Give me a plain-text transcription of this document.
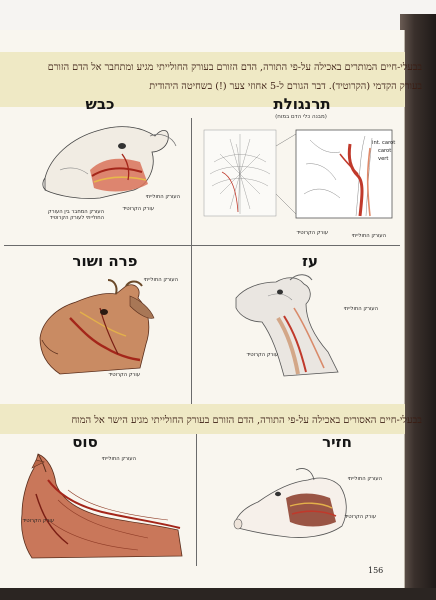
בבעלי-חיים המותרים באכילה על-פי התורה, הדם הזורם בעורק החולייתי מגיע ומתחבר אל הדם הזורם בעורק הקדמי (הקרוטיד). דבר הגורם ל-5 אחוזי צער (!) בשחיטה היהודית
כבש
העורק החולייתי
עורק הקרוטיד
העורק המחבר בין העורק החולייתי לעורק הקרוטיד
תרנגולת
(מבנה כלי הדם במוח)
int. carot
carot
vert
עורק הקרוטיד	העורק החולייתי
פרה ושור
העורק החולייתי
עורק הקרוטיד
עז
העורק החולייתי
עורק הקרוטיד
בבעלי-חיים האסורים באכילה על-פי התורה, הדם הזורם בעורק החולייתי מגיע הישר אל המוח
סוס
העורק החולייתי
עורק הקרוטיד
חזיר
העורק החולייתי
עורק הקרוטיד
156
